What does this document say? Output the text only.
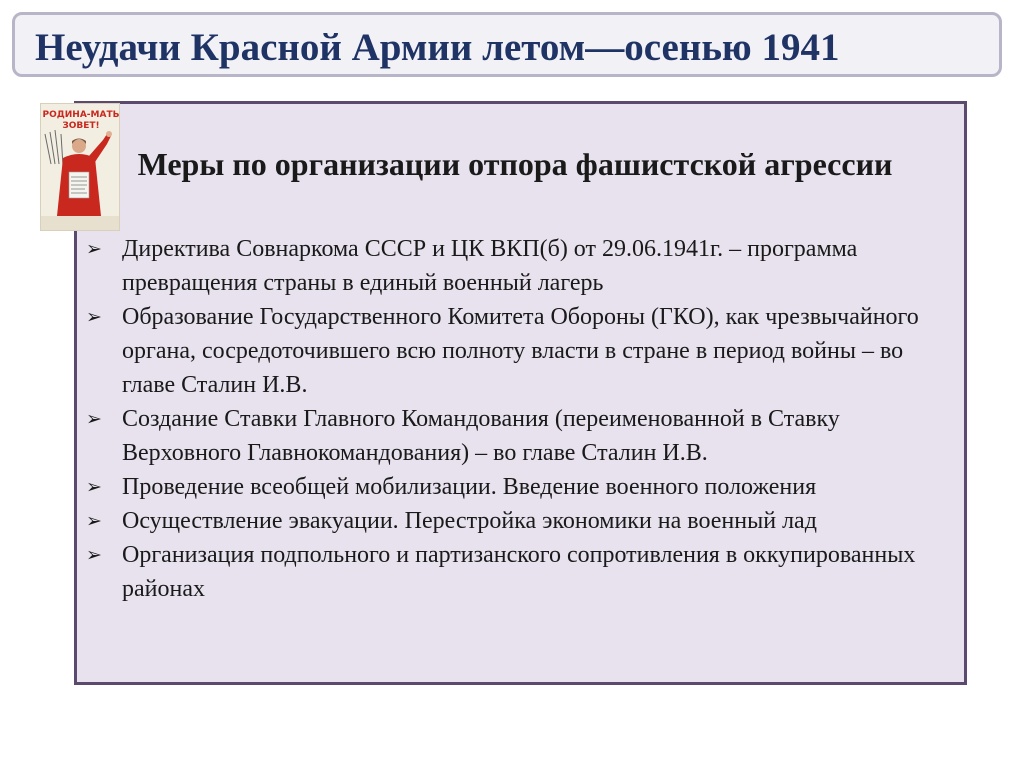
Неудачи Красной Армии летом—осенью 1941
РОДИНА-МАТЬ
ЗОВЕТ!
Меры по организации отпора фашистской агрессии
➢ Директива Совнаркома СССР и ЦК ВКП(б) от 29.06.1941г. – программа превращения страны в единый военный лагерь
➢ Образование Государственного Комитета Обороны (ГКО), как чрезвычайного органа, сосредоточившего всю полноту власти в стране в период войны – во главе Сталин И.В.
➢ Создание Ставки Главного Командования (переименованной в Ставку Верховного Главнокомандования) – во главе Сталин И.В.
➢ Проведение всеобщей мобилизации. Введение военного положения
➢ Осуществление эвакуации. Перестройка экономики на военный лад
➢ Организация подпольного и партизанского сопротивления в оккупированных районах
